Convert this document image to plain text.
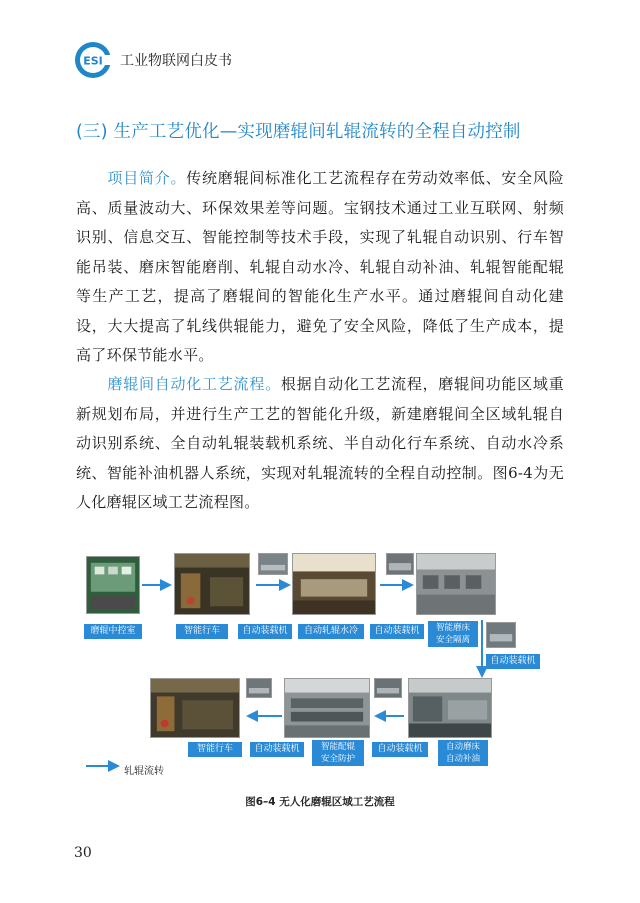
ESI 工业物联网白皮书
(三) 生产工艺优化—实现磨辊间轧辊流转的全程自动控制

　　项目简介。传统磨辊间标准化工艺流程存在劳动效率低、安全风险高、质量波动大、环保效果差等问题。宝钢技术通过工业互联网、射频识别、信息交互、智能控制等技术手段，实现了轧辊自动识别、行车智能吊装、磨床智能磨削、轧辊自动水冷、轧辊自动补油、轧辊智能配辊等生产工艺，提高了磨辊间的智能化生产水平。通过磨辊间自动化建设，大大提高了轧线供辊能力，避免了安全风险，降低了生产成本，提高了环保节能水平。

　　磨辊间自动化工艺流程。根据自动化工艺流程，磨辊间功能区域重新规划布局，并进行生产工艺的智能化升级，新建磨辊间全区域轧辊自动识别系统、全自动轧辊装载机系统、半自动化行车系统、自动水冷系统、智能补油机器人系统，实现对轧辊流转的全程自动控制。图6-4为无人化磨辊区域工艺流程图。

磨辊中控室	智能行车	自动装载机	自动轧辊水冷	自动装载机	智能磨床
安全隔离
自动装载机
智能行车	自动装载机	智能配辊
安全防护
自动装载机	自动磨床
自动补油
轧辊流转
图6–4 无人化磨辊区域工艺流程
30
